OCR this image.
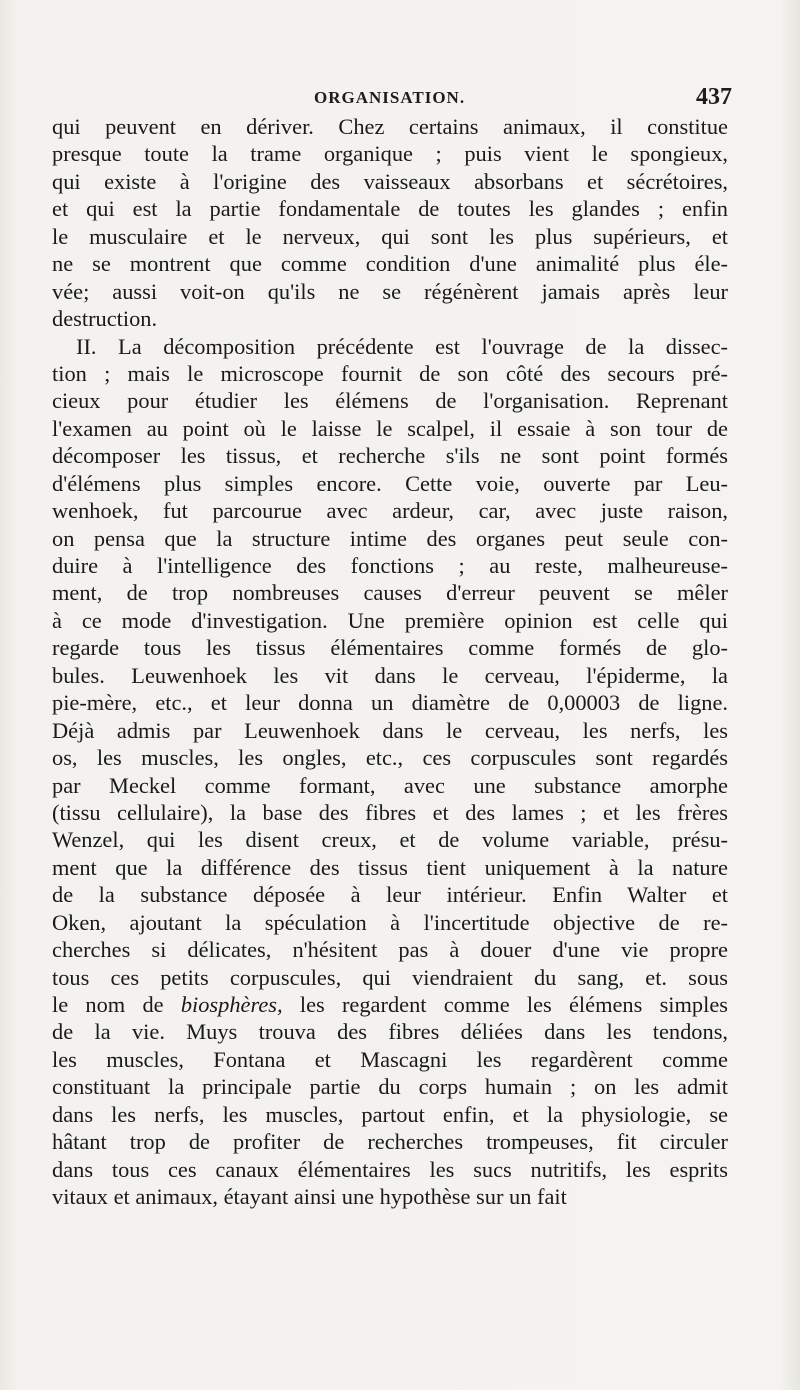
ORGANISATION.	437
qui peuvent en dériver. Chez certains animaux, il constitue
presque toute la trame organique ; puis vient le spongieux,
qui existe à l'origine des vaisseaux absorbans et sécrétoires,
et qui est la partie fondamentale de toutes les glandes ; enfin
le musculaire et le nerveux, qui sont les plus supérieurs, et
ne se montrent que comme condition d'une animalité plus éle-
vée; aussi voit-on qu'ils ne se régénèrent jamais après leur
destruction.
II. La décomposition précédente est l'ouvrage de la dissec-
tion ; mais le microscope fournit de son côté des secours pré-
cieux pour étudier les élémens de l'organisation. Reprenant
l'examen au point où le laisse le scalpel, il essaie à son tour de
décomposer les tissus, et recherche s'ils ne sont point formés
d'élémens plus simples encore. Cette voie, ouverte par Leu-
wenhoek, fut parcourue avec ardeur, car, avec juste raison,
on pensa que la structure intime des organes peut seule con-
duire à l'intelligence des fonctions ; au reste, malheureuse-
ment, de trop nombreuses causes d'erreur peuvent se mêler
à ce mode d'investigation. Une première opinion est celle qui
regarde tous les tissus élémentaires comme formés de glo-
bules. Leuwenhoek les vit dans le cerveau, l'épiderme, la
pie-mère, etc., et leur donna un diamètre de 0,00003 de ligne.
Déjà admis par Leuwenhoek dans le cerveau, les nerfs, les
os, les muscles, les ongles, etc., ces corpuscules sont regardés
par Meckel comme formant, avec une substance amorphe
(tissu cellulaire), la base des fibres et des lames ; et les frères
Wenzel, qui les disent creux, et de volume variable, présu-
ment que la différence des tissus tient uniquement à la nature
de la substance déposée à leur intérieur. Enfin Walter et
Oken, ajoutant la spéculation à l'incertitude objective de re-
cherches si délicates, n'hésitent pas à douer d'une vie propre
tous ces petits corpuscules, qui viendraient du sang, et. sous
le nom de biosphères, les regardent comme les élémens simples
de la vie. Muys trouva des fibres déliées dans les tendons,
les muscles, Fontana et Mascagni les regardèrent comme
constituant la principale partie du corps humain ; on les admit
dans les nerfs, les muscles, partout enfin, et la physiologie, se
hâtant trop de profiter de recherches trompeuses, fit circuler
dans tous ces canaux élémentaires les sucs nutritifs, les esprits
vitaux et animaux, étayant ainsi une hypothèse sur un fait
